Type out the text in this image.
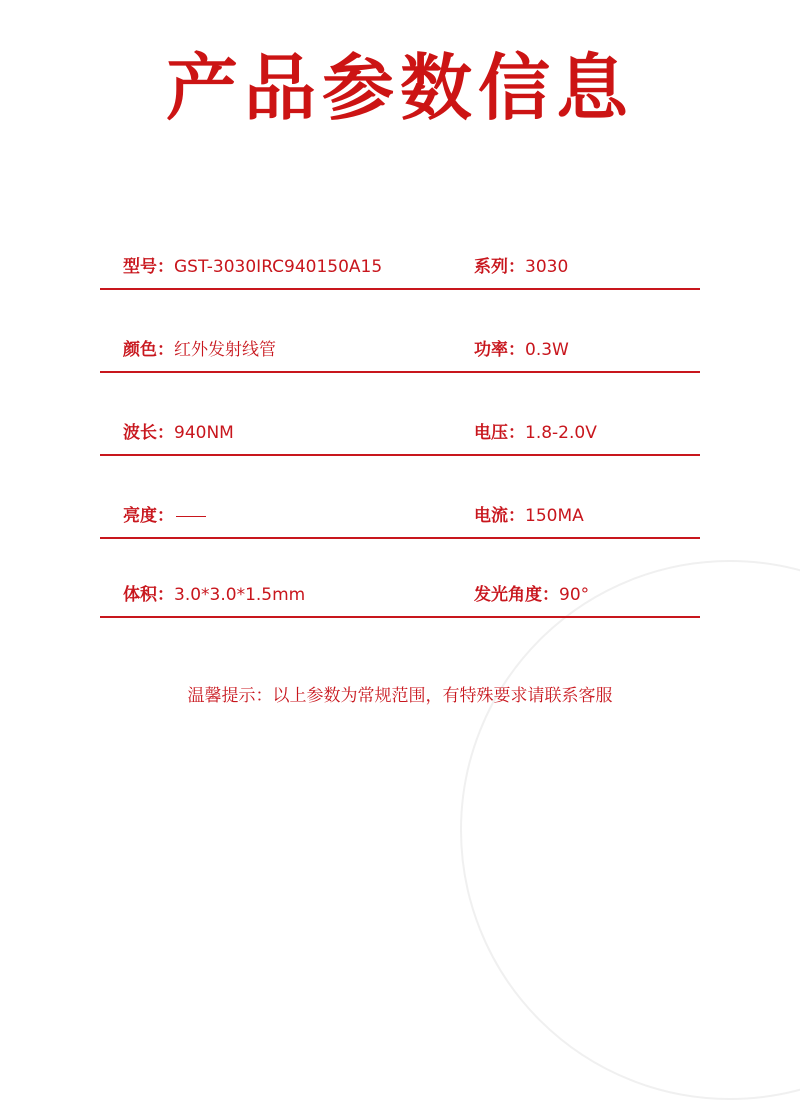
产品参数信息
型号：GST-3030IRC940150A15	系列：3030
颜色：红外发射线管	功率：0.3W
波长：940NM	电压：1.8-2.0V
亮度：	电流：150MA
体积：3.0*3.0*1.5mm	发光角度：90°
温馨提示：以上参数为常规范围，有特殊要求请联系客服
